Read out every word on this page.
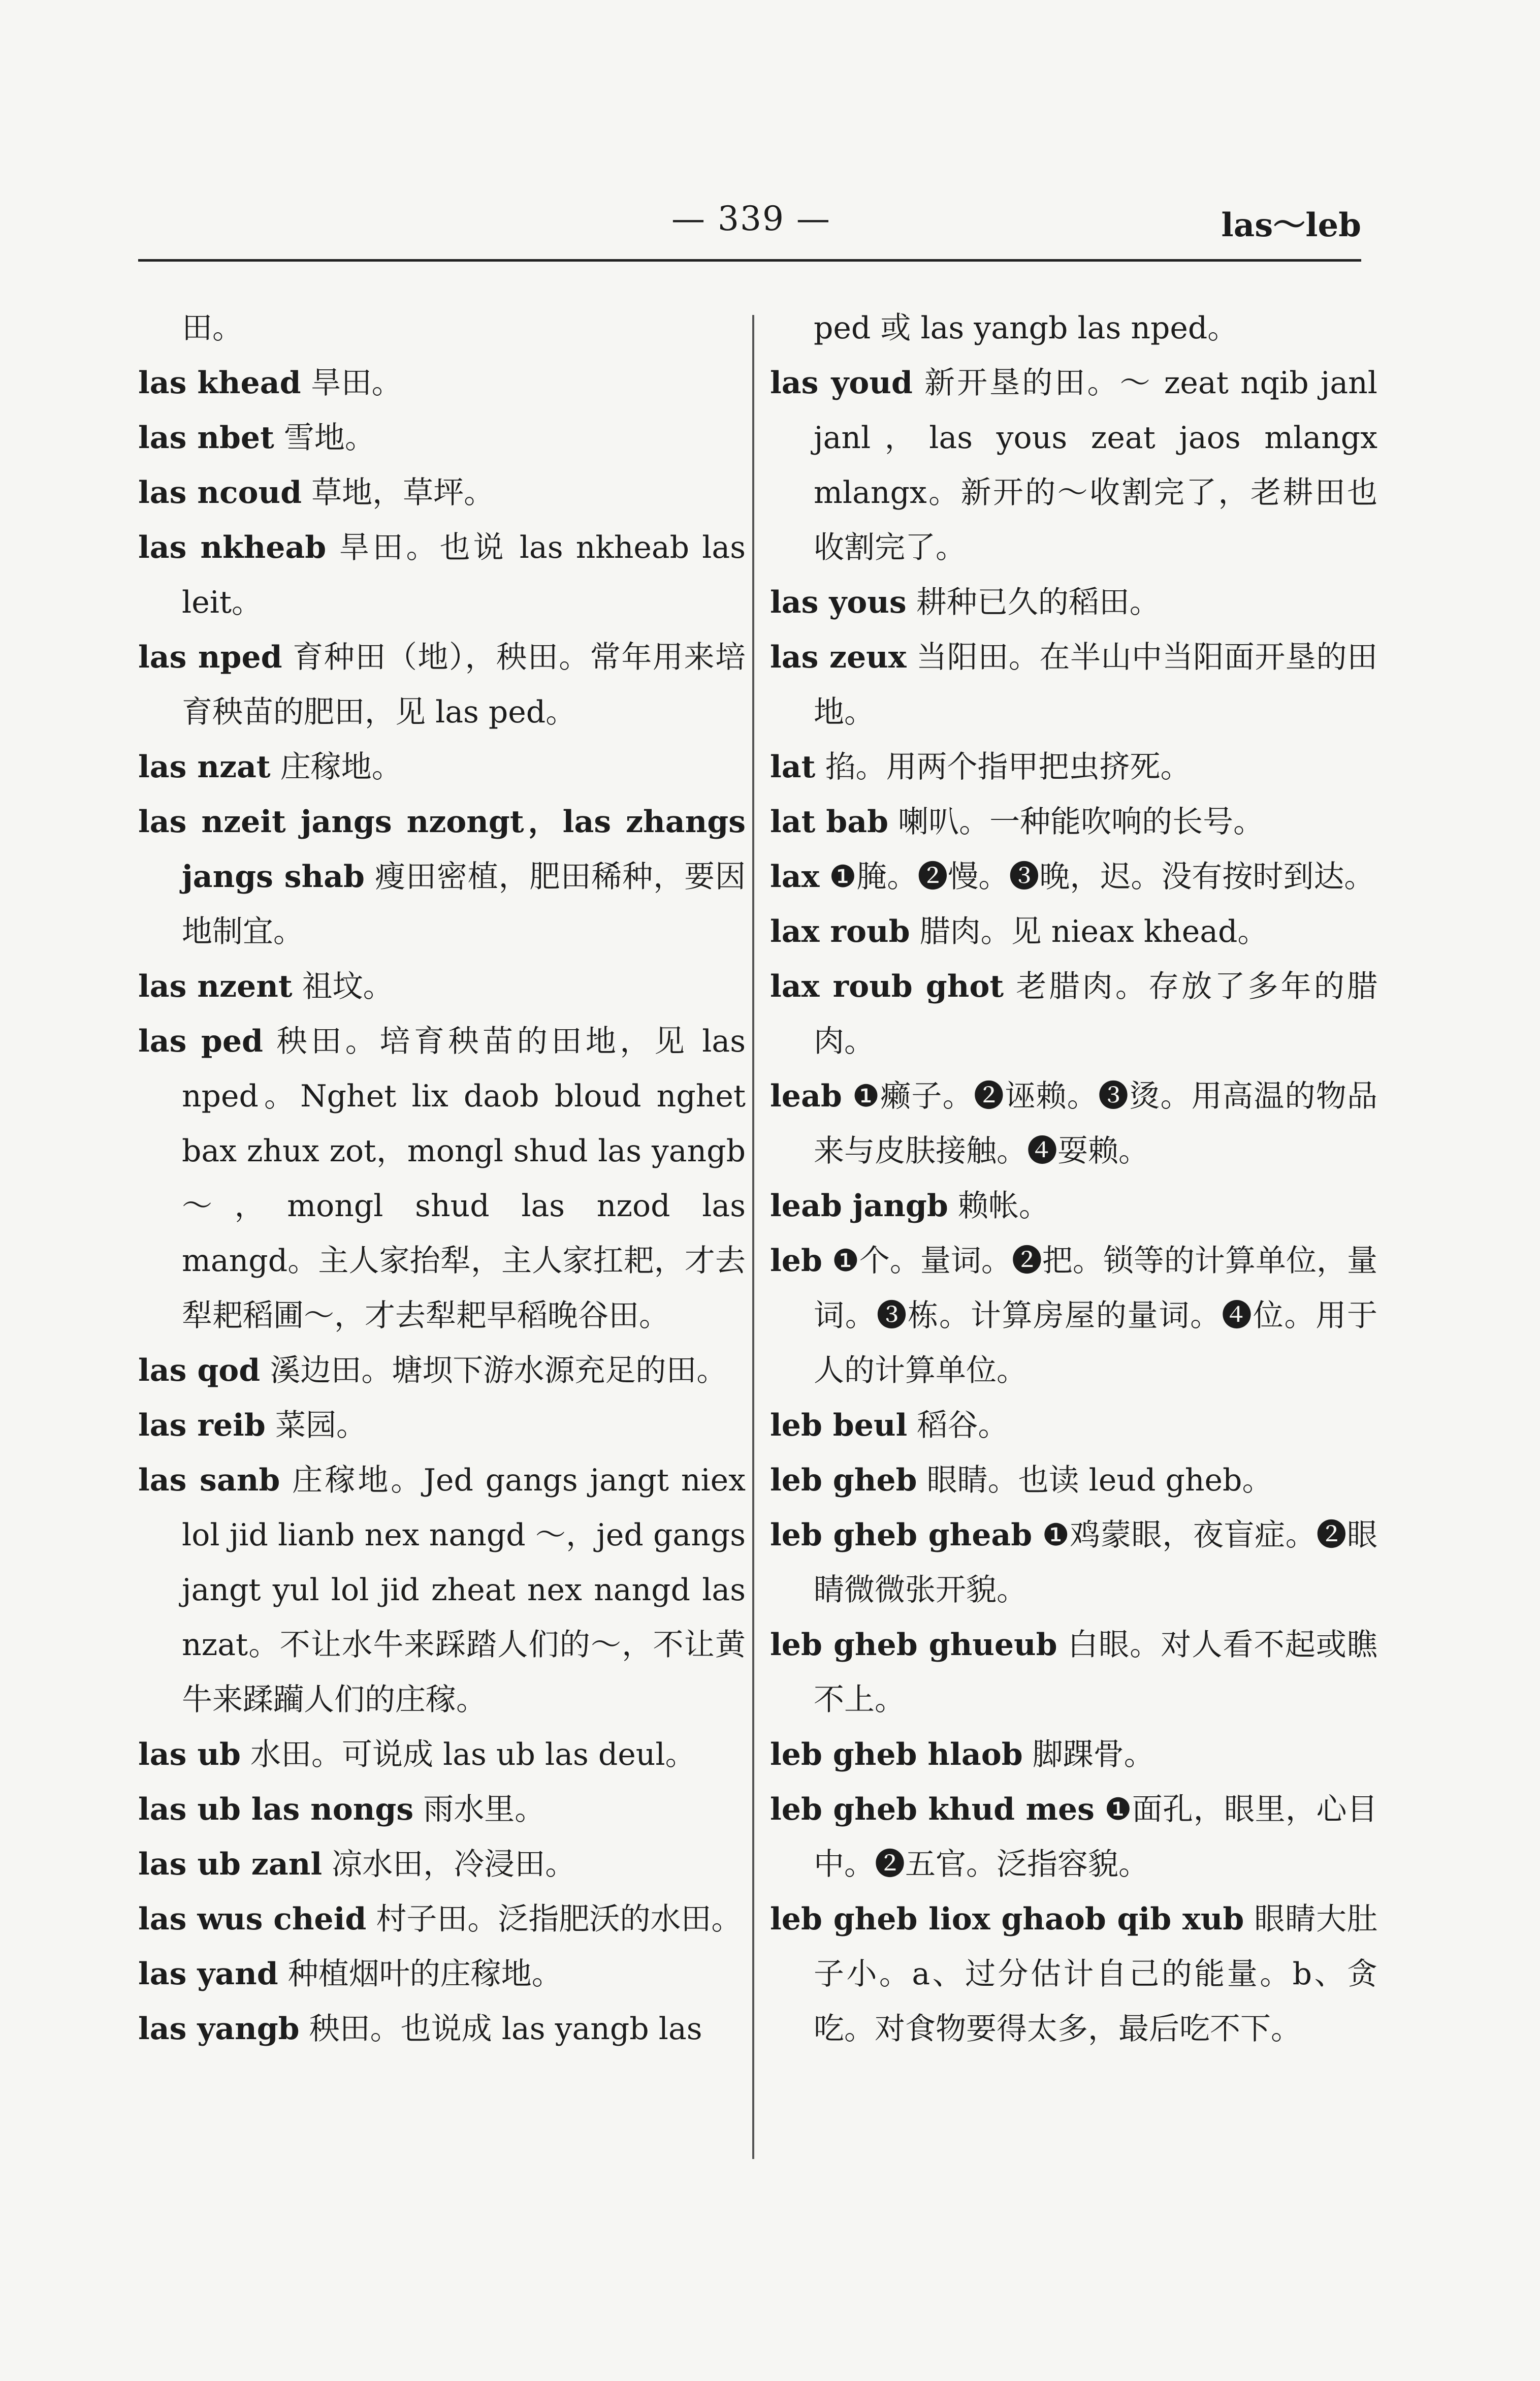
— 339 —	las～leb
田。
las khead 旱田。
las nbet 雪地。
las ncoud 草地，草坪。
las nkheab 旱田。也说 las nkheab las leit。
las nped 育种田（地），秧田。常年用来培育秧苗的肥田，见 las ped。
las nzat 庄稼地。
las nzeit jangs nzongt，las zhangs jangs shab 瘦田密植，肥田稀种，要因地制宜。
las nzent 祖坟。
las ped 秧田。培育秧苗的田地，见 las nped。Nghet lix daob bloud nghet bax zhux zot，mongl shud las yangb ～，mongl shud las nzod las mangd。主人家抬犁，主人家扛耙，才去犁耙稻圃～，才去犁耙早稻晚谷田。
las qod 溪边田。塘坝下游水源充足的田。
las reib 菜园。
las sanb 庄稼地。Jed gangs jangt niex lol jid lianb nex nangd ～，jed gangs jangt yul lol jid zheat nex nangd las nzat。不让水牛来踩踏人们的～，不让黄牛来蹂躏人们的庄稼。
las ub 水田。可说成 las ub las deul。
las ub las nongs 雨水里。
las ub zanl 凉水田，冷浸田。
las wus cheid 村子田。泛指肥沃的水田。
las yand 种植烟叶的庄稼地。
las yangb 秧田。也说成 las yangb las
ped 或 las yangb las nped。
las youd 新开垦的田。～ zeat nqib janl janl，las yous zeat jaos mlangx mlangx。新开的～收割完了，老耕田也收割完了。
las yous 耕种已久的稻田。
las zeux 当阳田。在半山中当阳面开垦的田地。
lat 掐。用两个指甲把虫挤死。
lat bab 喇叭。一种能吹响的长号。
lax ❶腌。❷慢。❸晚，迟。没有按时到达。
lax roub 腊肉。见 nieax khead。
lax roub ghot 老腊肉。存放了多年的腊肉。
leab ❶癞子。❷诬赖。❸烫。用高温的物品来与皮肤接触。❹耍赖。
leab jangb 赖帐。
leb ❶个。量词。❷把。锁等的计算单位，量词。❸栋。计算房屋的量词。❹位。用于人的计算单位。
leb beul 稻谷。
leb gheb 眼睛。也读 leud gheb。
leb gheb gheab ❶鸡蒙眼，夜盲症。❷眼睛微微张开貌。
leb gheb ghueub 白眼。对人看不起或瞧不上。
leb gheb hlaob 脚踝骨。
leb gheb khud mes ❶面孔，眼里，心目中。❷五官。泛指容貌。
leb gheb liox ghaob qib xub 眼睛大肚子小。a、过分估计自己的能量。b、贪吃。对食物要得太多，最后吃不下。
